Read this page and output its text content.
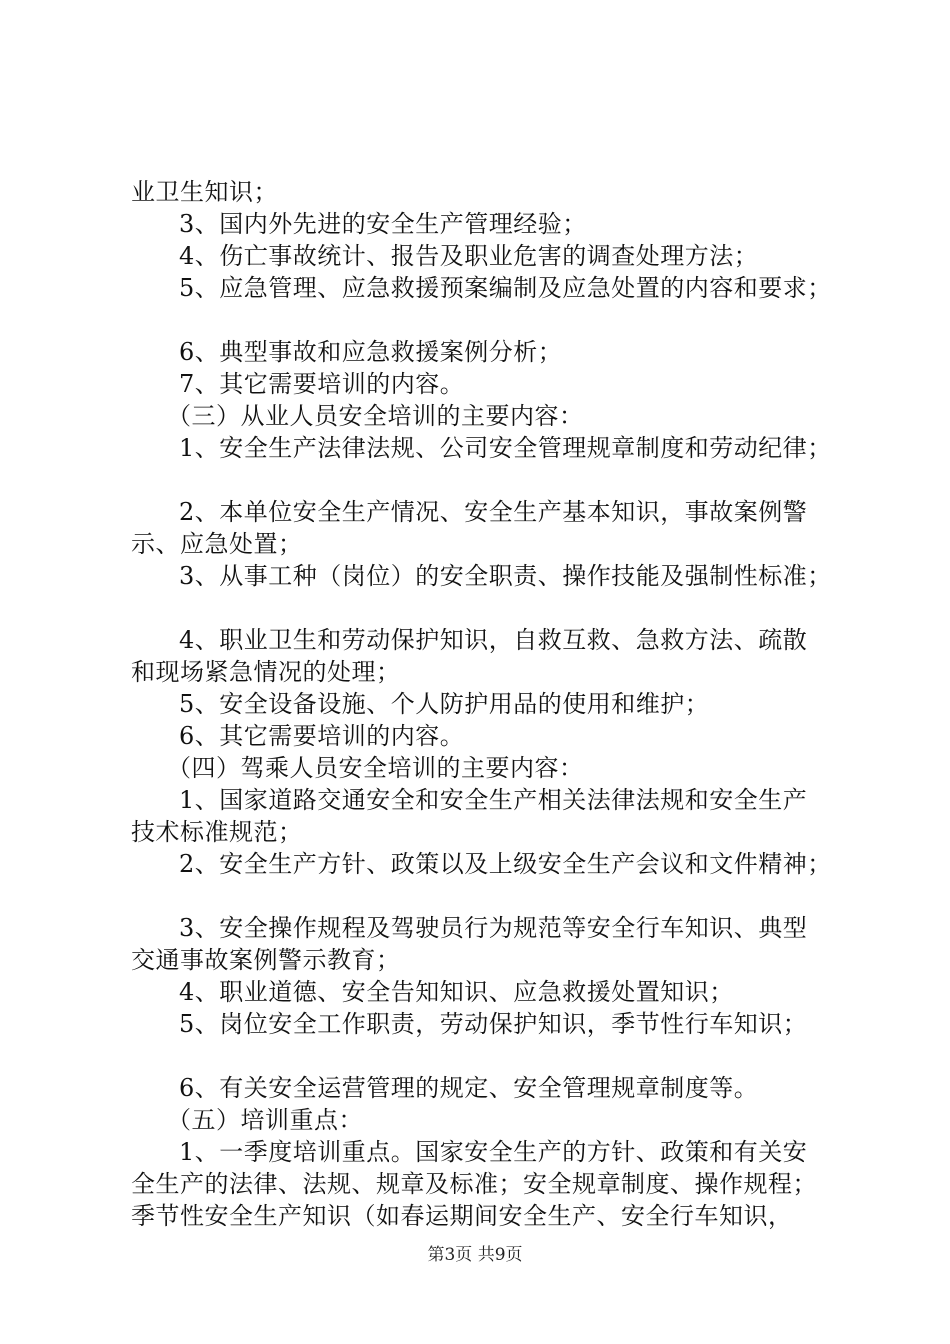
业卫生知识；
3、国内外先进的安全生产管理经验；
4、伤亡事故统计、报告及职业危害的调查处理方法；
5、应急管理、应急救援预案编制及应急处置的内容和要求；
6、典型事故和应急救援案例分析；
7、其它需要培训的内容。
（三）从业人员安全培训的主要内容：
1、安全生产法律法规、公司安全管理规章制度和劳动纪律；
2、本单位安全生产情况、安全生产基本知识，事故案例警
示、应急处置；
3、从事工种（岗位）的安全职责、操作技能及强制性标准；
4、职业卫生和劳动保护知识，自救互救、急救方法、疏散
和现场紧急情况的处理；
5、安全设备设施、个人防护用品的使用和维护；
6、其它需要培训的内容。
（四）驾乘人员安全培训的主要内容：
1、国家道路交通安全和安全生产相关法律法规和安全生产
技术标准规范；
2、安全生产方针、政策以及上级安全生产会议和文件精神；
3、安全操作规程及驾驶员行为规范等安全行车知识、典型
交通事故案例警示教育；
4、职业道德、安全告知知识、应急救援处置知识；
5、岗位安全工作职责，劳动保护知识，季节性行车知识；
6、有关安全运营管理的规定、安全管理规章制度等。
（五）培训重点：
1、一季度培训重点。国家安全生产的方针、政策和有关安
全生产的法律、法规、规章及标准；安全规章制度、操作规程；
季节性安全生产知识（如春运期间安全生产、安全行车知识，
第3页 共9页
